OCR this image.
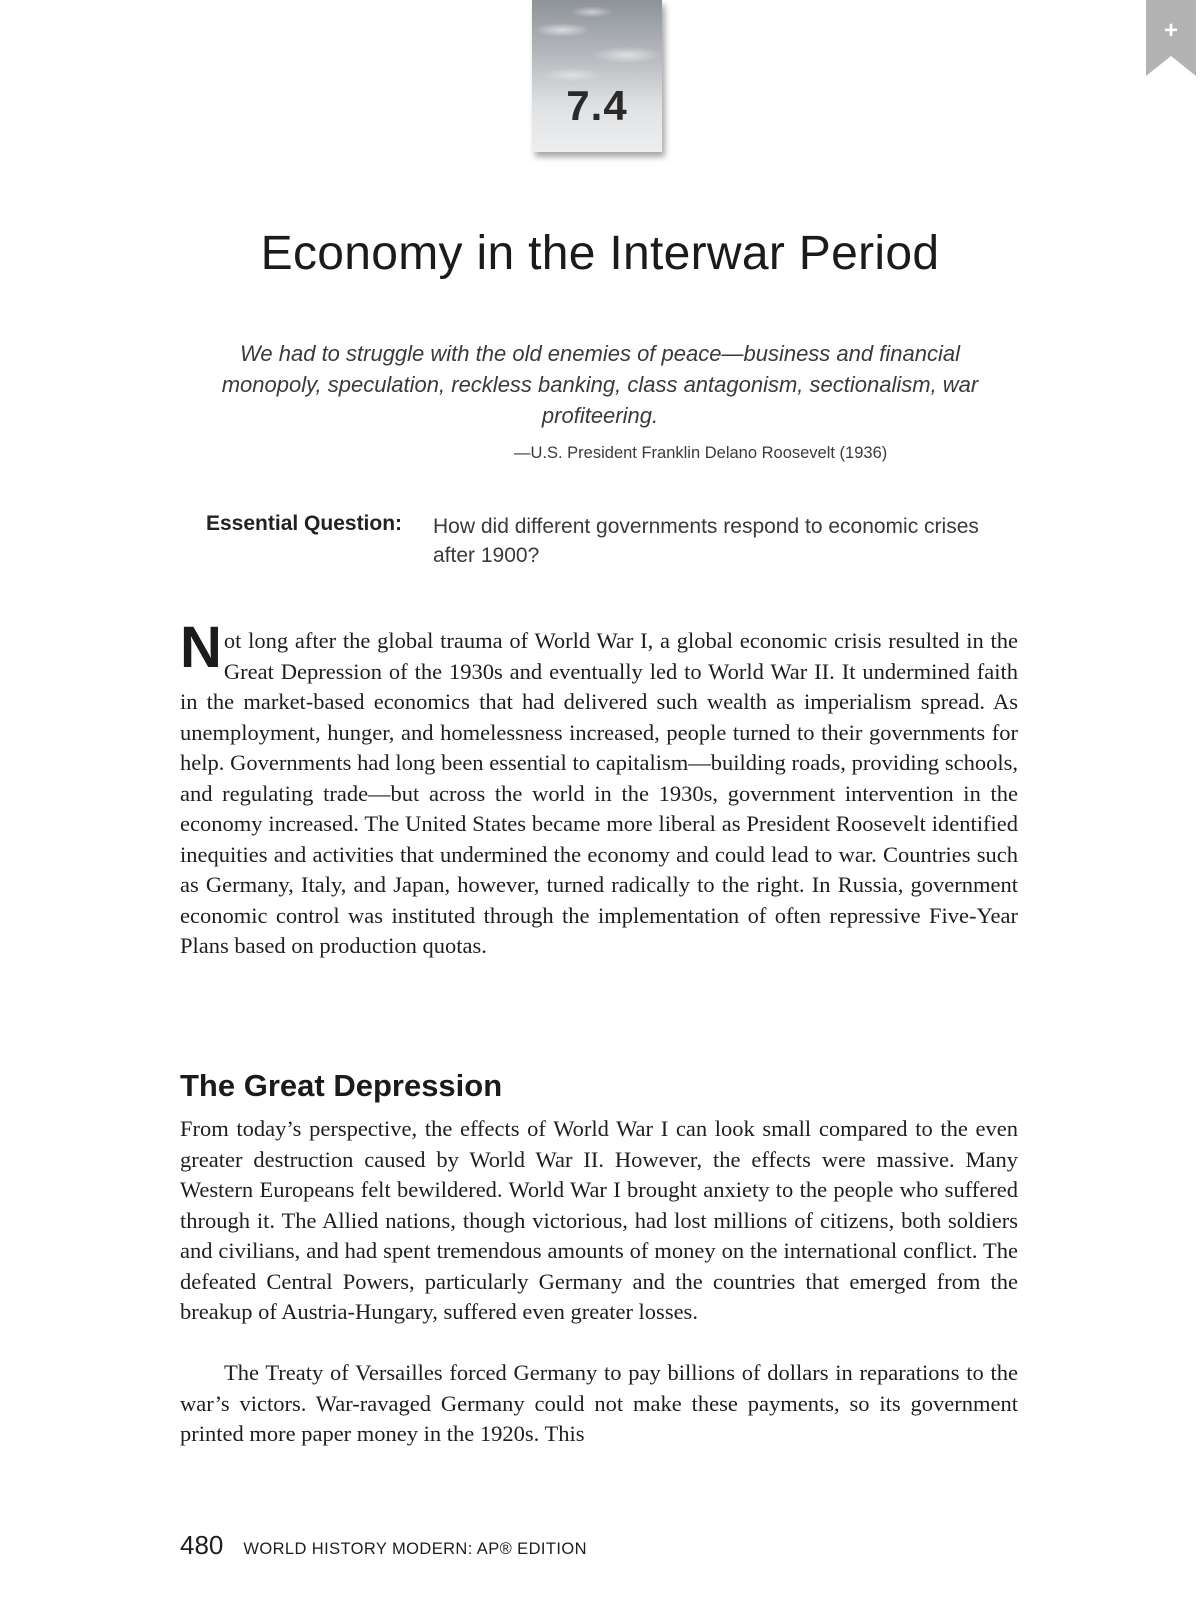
7.4
+
Economy in the Interwar Period

We had to struggle with the old enemies of peace—business and financial monopoly, speculation, reckless banking, class antagonism, sectionalism, war profiteering.

—U.S. President Franklin Delano Roosevelt (1936)
Essential Question: How did different governments respond to economic crises after 1900?

Not long after the global trauma of World War I, a global economic crisis resulted in the Great Depression of the 1930s and eventually led to World War II. It undermined faith in the market-based economics that had delivered such wealth as imperialism spread. As unemployment, hunger, and homelessness increased, people turned to their governments for help. Governments had long been essential to capitalism—building roads, providing schools, and regulating trade—but across the world in the 1930s, government intervention in the economy increased. The United States became more liberal as President Roosevelt identified inequities and activities that undermined the economy and could lead to war. Countries such as Germany, Italy, and Japan, however, turned radically to the right. In Russia, government economic control was instituted through the implementation of often repressive Five-Year Plans based on production quotas.

The Great Depression

From today’s perspective, the effects of World War I can look small compared to the even greater destruction caused by World War II. However, the effects were massive. Many Western Europeans felt bewildered. World War I brought anxiety to the people who suffered through it. The Allied nations, though victorious, had lost millions of citizens, both soldiers and civilians, and had spent tremendous amounts of money on the international conflict. The defeated Central Powers, particularly Germany and the countries that emerged from the breakup of Austria-Hungary, suffered even greater losses.

The Treaty of Versailles forced Germany to pay billions of dollars in reparations to the war’s victors. War-ravaged Germany could not make these payments, so its government printed more paper money in the 1920s. This

480 WORLD HISTORY MODERN: AP® EDITION
